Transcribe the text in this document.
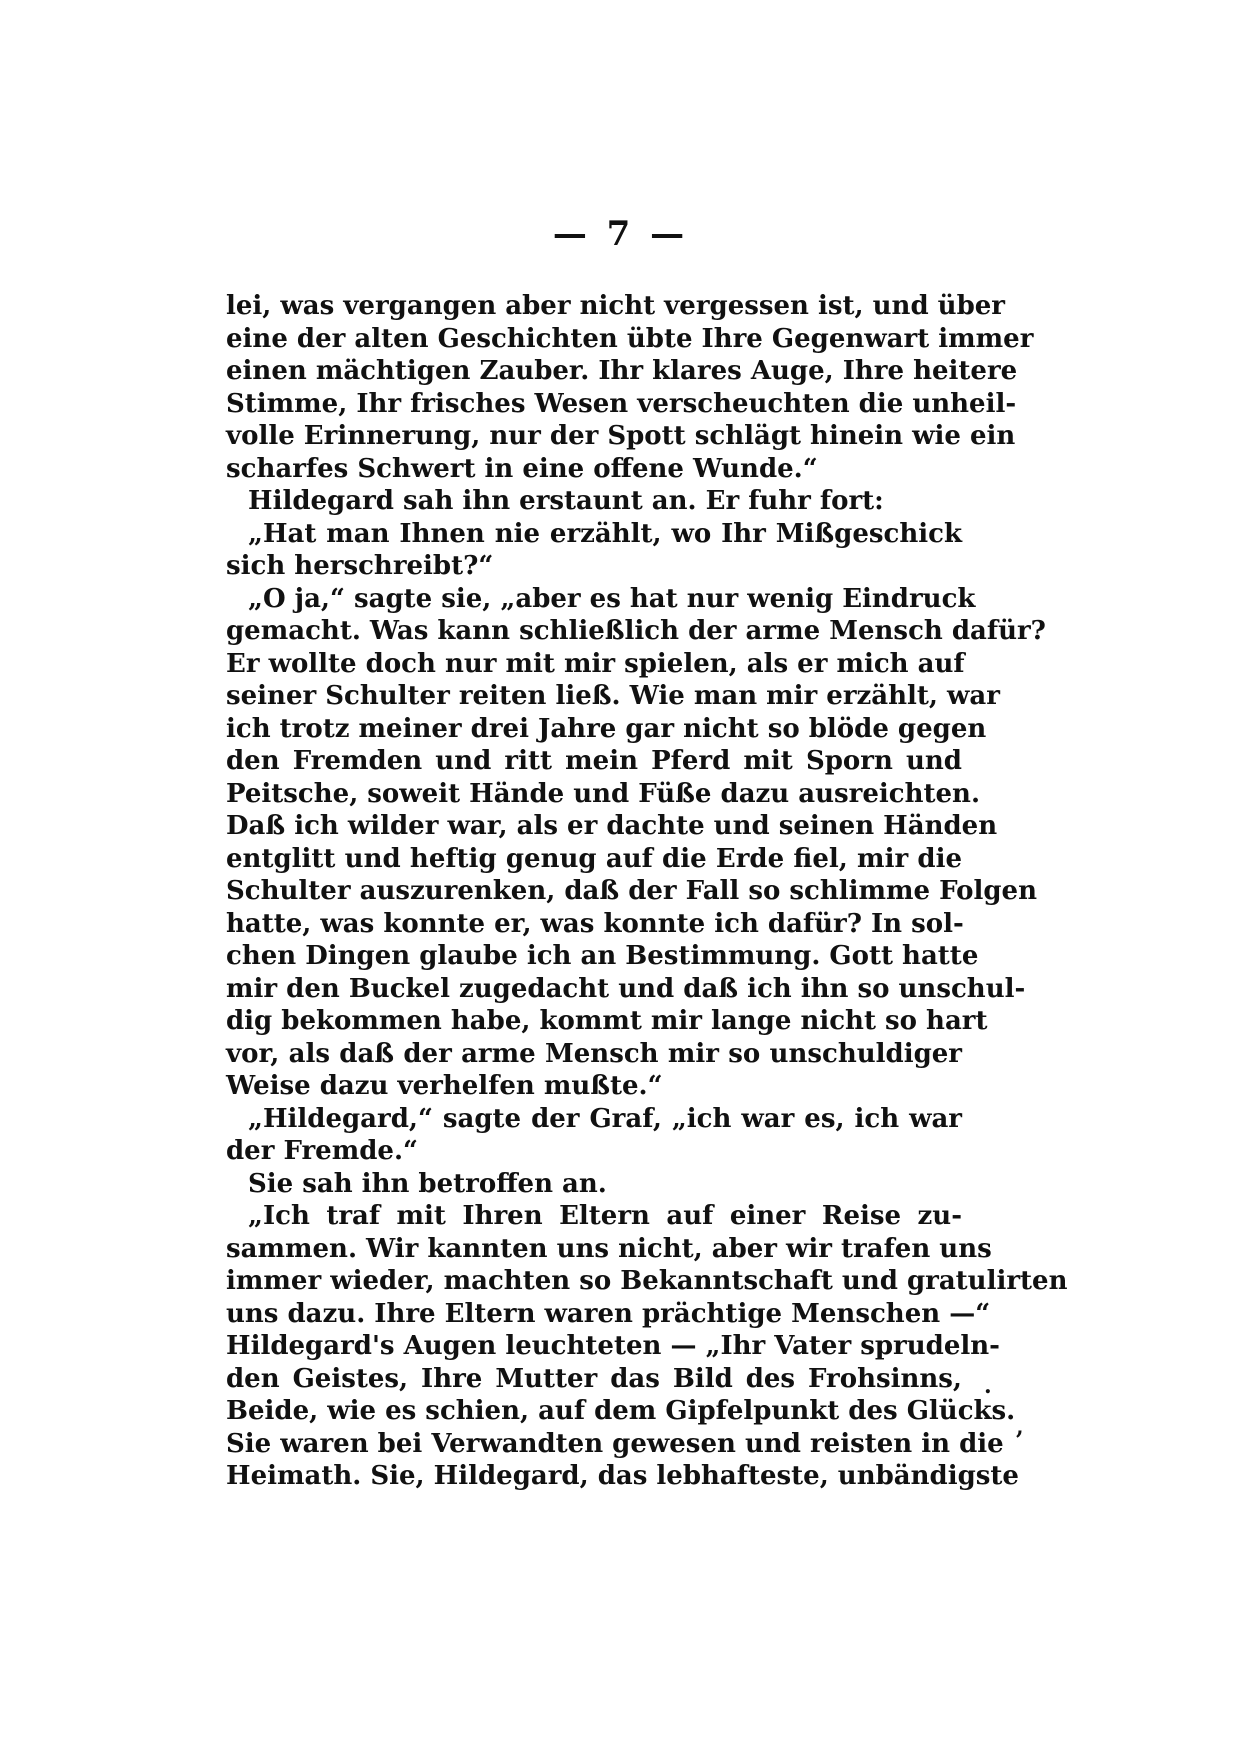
— 7 —
lei, was vergangen aber nicht vergessen ist, und über
eine der alten Geschichten übte Ihre Gegenwart immer
einen mächtigen Zauber. Ihr klares Auge, Ihre heitere
Stimme, Ihr frisches Wesen verscheuchten die unheil-
volle Erinnerung, nur der Spott schlägt hinein wie ein
scharfes Schwert in eine offene Wunde.“
Hildegard sah ihn erstaunt an. Er fuhr fort:
„Hat man Ihnen nie erzählt, wo Ihr Mißgeschick
sich herschreibt?“
„O ja,“ sagte sie, „aber es hat nur wenig Eindruck
gemacht. Was kann schließlich der arme Mensch dafür?
Er wollte doch nur mit mir spielen, als er mich auf
seiner Schulter reiten ließ. Wie man mir erzählt, war
ich trotz meiner drei Jahre gar nicht so blöde gegen
den Fremden und ritt mein Pferd mit Sporn und
Peitsche, soweit Hände und Füße dazu ausreichten.
Daß ich wilder war, als er dachte und seinen Händen
entglitt und heftig genug auf die Erde fiel, mir die
Schulter auszurenken, daß der Fall so schlimme Folgen
hatte, was konnte er, was konnte ich dafür? In sol-
chen Dingen glaube ich an Bestimmung. Gott hatte
mir den Buckel zugedacht und daß ich ihn so unschul-
dig bekommen habe, kommt mir lange nicht so hart
vor, als daß der arme Mensch mir so unschuldiger
Weise dazu verhelfen mußte.“
„Hildegard,“ sagte der Graf, „ich war es, ich war
der Fremde.“
Sie sah ihn betroffen an.
„Ich traf mit Ihren Eltern auf einer Reise zu-
sammen. Wir kannten uns nicht, aber wir trafen uns
immer wieder, machten so Bekanntschaft und gratulirten
uns dazu. Ihre Eltern waren prächtige Menschen —“
Hildegard's Augen leuchteten — „Ihr Vater sprudeln-
den Geistes, Ihre Mutter das Bild des Frohsinns,
Beide, wie es schien, auf dem Gipfelpunkt des Glücks.
Sie waren bei Verwandten gewesen und reisten in die
Heimath. Sie, Hildegard, das lebhafteste, unbändigste
.
,
